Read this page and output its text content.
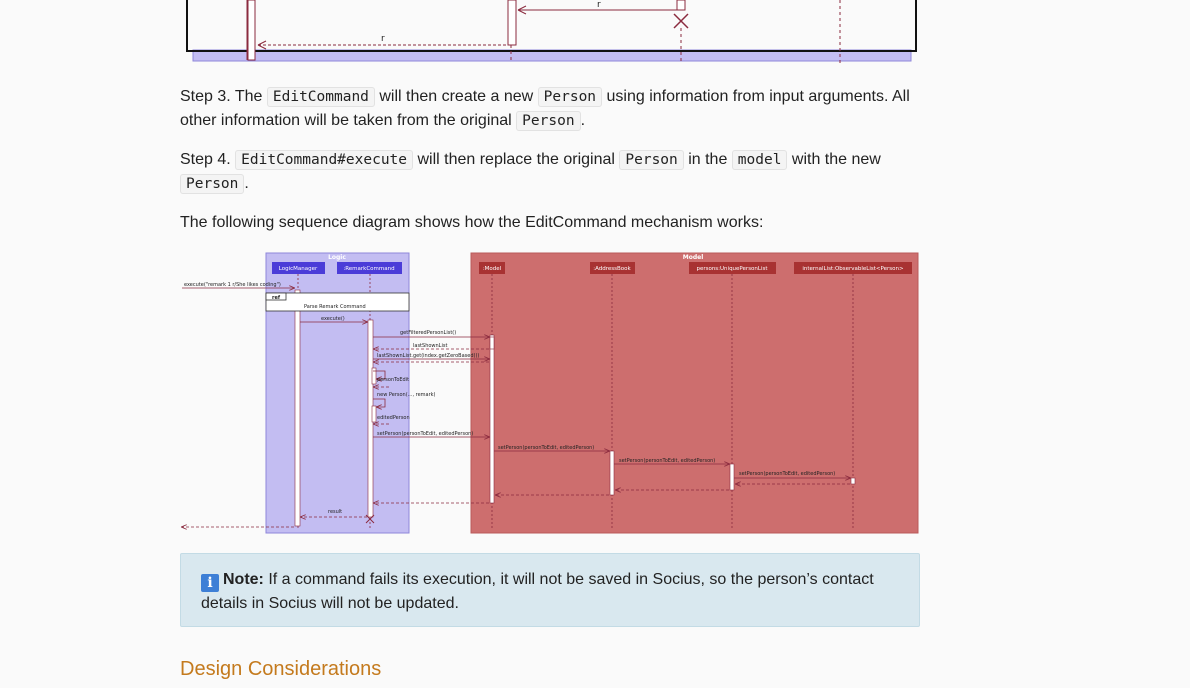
r
r

Step 3. The EditCommand will then create a new Person using information from input arguments. All other information will be taken from the original Person .

Step 4. EditCommand#execute will then replace the original Person in the model with the new Person .

The following sequence diagram shows how the EditCommand mechanism works:

Logic	Model
LogicManager	:RemarkCommand	:Model	:AddressBook	persons:UniquePersonList	internalList:ObservableList<Person>
ref
Parse Remark Command
execute("remark 1 r/She likes coding")
execute()
getFilteredPersonList()
lastShownList
lastShownList.get(index.getZeroBased())
personToEdit
new Person(..., remark)
editedPerson
setPerson(personToEdit, editedPerson)
setPerson(personToEdit, editedPerson)
setPerson(personToEdit, editedPerson)
setPerson(personToEdit, editedPerson)
result
i Note: If a command fails its execution, it will not be saved in Socius, so the person’s contact details in Socius will not be updated.
Design Considerations
